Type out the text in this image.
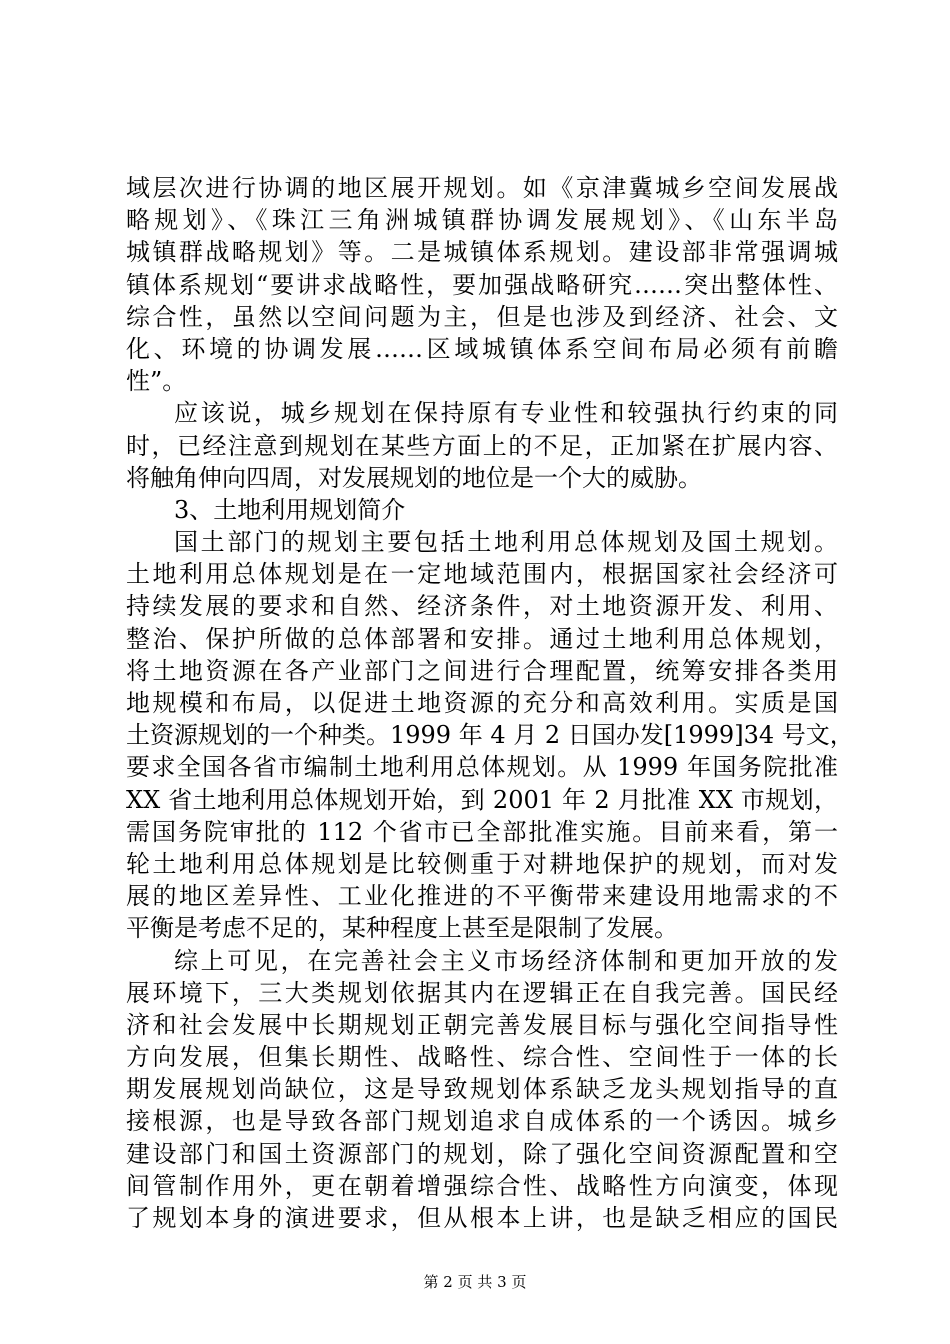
域层次进行协调的地区展开规划。如《京津冀城乡空间发展战
略规划》、《珠江三角洲城镇群协调发展规划》、《山东半岛
城镇群战略规划》等。二是城镇体系规划。建设部非常强调城
镇体系规划“要讲求战略性，要加强战略研究……突出整体性、
综合性，虽然以空间问题为主，但是也涉及到经济、社会、文
化、环境的协调发展……区域城镇体系空间布局必须有前瞻
性”。
应该说，城乡规划在保持原有专业性和较强执行约束的同
时，已经注意到规划在某些方面上的不足，正加紧在扩展内容、
将触角伸向四周，对发展规划的地位是一个大的威胁。
3、土地利用规划简介
国土部门的规划主要包括土地利用总体规划及国土规划。
土地利用总体规划是在一定地域范围内，根据国家社会经济可
持续发展的要求和自然、经济条件，对土地资源开发、利用、
整治、保护所做的总体部署和安排。通过土地利用总体规划，
将土地资源在各产业部门之间进行合理配置，统筹安排各类用
地规模和布局，以促进土地资源的充分和高效利用。实质是国
土资源规划的一个种类。1999 年 4 月 2 日国办发[1999]34 号文，
要求全国各省市编制土地利用总体规划。从 1999 年国务院批准
XX 省土地利用总体规划开始，到 2001 年 2 月批准 XX 市规划，
需国务院审批的 112 个省市已全部批准实施。目前来看，第一
轮土地利用总体规划是比较侧重于对耕地保护的规划，而对发
展的地区差异性、工业化推进的不平衡带来建设用地需求的不
平衡是考虑不足的，某种程度上甚至是限制了发展。
综上可见，在完善社会主义市场经济体制和更加开放的发
展环境下，三大类规划依据其内在逻辑正在自我完善。国民经
济和社会发展中长期规划正朝完善发展目标与强化空间指导性
方向发展，但集长期性、战略性、综合性、空间性于一体的长
期发展规划尚缺位，这是导致规划体系缺乏龙头规划指导的直
接根源，也是导致各部门规划追求自成体系的一个诱因。城乡
建设部门和国土资源部门的规划，除了强化空间资源配置和空
间管制作用外，更在朝着增强综合性、战略性方向演变，体现
了规划本身的演进要求，但从根本上讲，也是缺乏相应的国民
第 2 页 共 3 页
